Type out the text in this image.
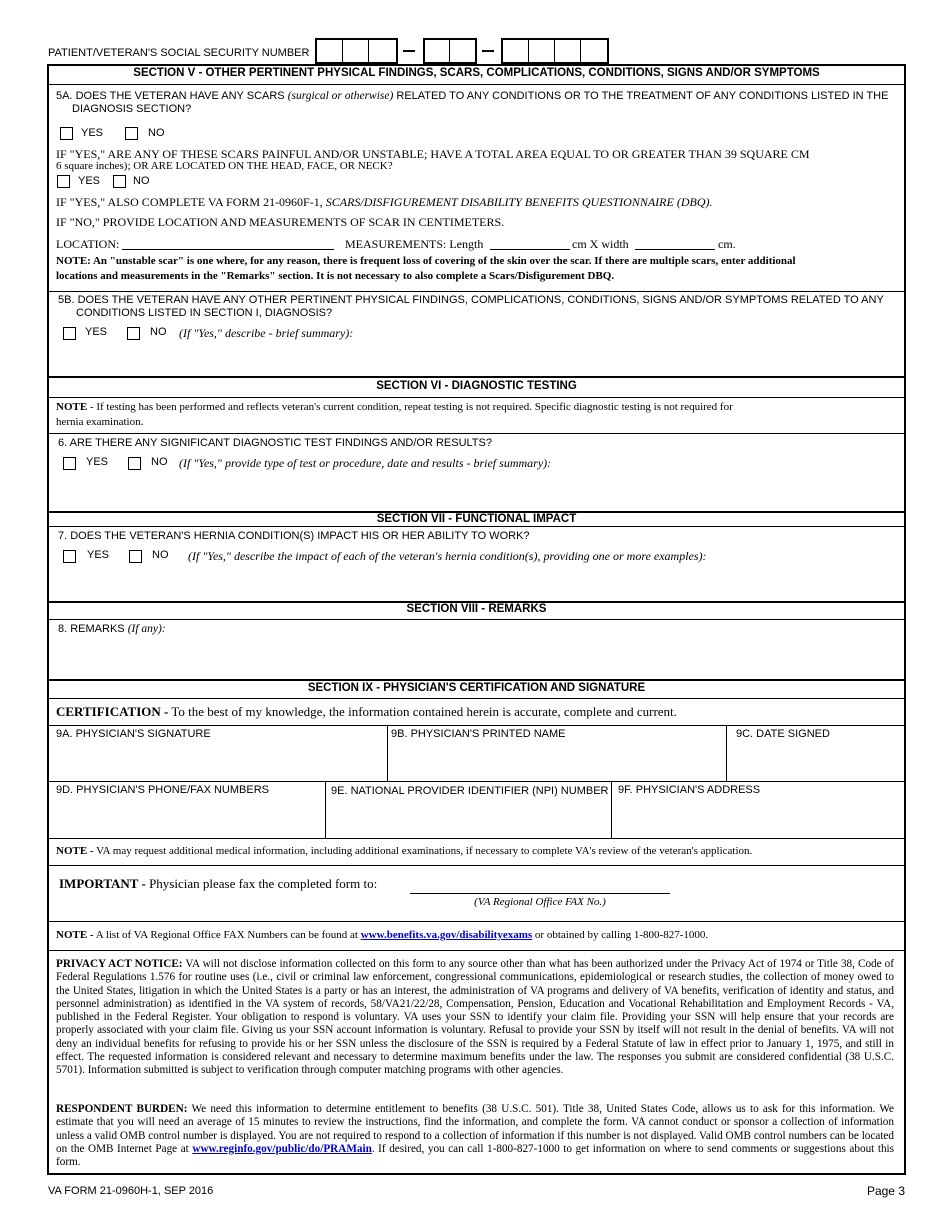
PATIENT/VETERAN'S SOCIAL SECURITY NUMBER
SECTION V - OTHER PERTINENT PHYSICAL FINDINGS, SCARS, COMPLICATIONS, CONDITIONS, SIGNS AND/OR SYMPTOMS
5A. DOES THE VETERAN HAVE ANY SCARS (surgical or otherwise) RELATED TO ANY CONDITIONS OR TO THE TREATMENT OF ANY CONDITIONS LISTED IN THE
DIAGNOSIS SECTION?
YES	NO
IF "YES," ARE ANY OF THESE SCARS PAINFUL AND/OR UNSTABLE; HAVE A TOTAL AREA EQUAL TO OR GREATER THAN 39 SQUARE CM
6 square inches); OR ARE LOCATED ON THE HEAD, FACE, OR NECK?
YES	NO
IF "YES," ALSO COMPLETE VA FORM 21-0960F-1, SCARS/DISFIGUREMENT DISABILITY BENEFITS QUESTIONNAIRE (DBQ).
IF "NO," PROVIDE LOCATION AND MEASUREMENTS OF SCAR IN CENTIMETERS.
LOCATION:	MEASUREMENTS: Length	cm X width	cm.
NOTE: An "unstable scar" is one where, for any reason, there is frequent loss of covering of the skin over the scar. If there are multiple scars, enter additional
locations and measurements in the "Remarks" section. It is not necessary to also complete a Scars/Disfigurement DBQ.
5B. DOES THE VETERAN HAVE ANY OTHER PERTINENT PHYSICAL FINDINGS, COMPLICATIONS, CONDITIONS, SIGNS AND/OR SYMPTOMS RELATED TO ANY
CONDITIONS LISTED IN SECTION I, DIAGNOSIS?
YES	NO (If "Yes," describe - brief summary):
SECTION VI - DIAGNOSTIC TESTING
NOTE - If testing has been performed and reflects veteran's current condition, repeat testing is not required. Specific diagnostic testing is not required for
hernia examination.
6. ARE THERE ANY SIGNIFICANT DIAGNOSTIC TEST FINDINGS AND/OR RESULTS?
YES	NO (If "Yes," provide type of test or procedure, date and results - brief summary):
SECTION VII - FUNCTIONAL IMPACT
7. DOES THE VETERAN'S HERNIA CONDITION(S) IMPACT HIS OR HER ABILITY TO WORK?
YES	NO (If "Yes," describe the impact of each of the veteran's hernia condition(s), providing one or more examples):
SECTION VIII - REMARKS
8. REMARKS (If any):
SECTION IX - PHYSICIAN'S CERTIFICATION AND SIGNATURE
CERTIFICATION - To the best of my knowledge, the information contained herein is accurate, complete and current.
9A. PHYSICIAN'S SIGNATURE	9B. PHYSICIAN'S PRINTED NAME	9C. DATE SIGNED
9D. PHYSICIAN'S PHONE/FAX NUMBERS	9E. NATIONAL PROVIDER IDENTIFIER (NPI) NUMBER 9F. PHYSICIAN'S ADDRESS
NOTE - VA may request additional medical information, including additional examinations, if necessary to complete VA's review of the veteran's application.
IMPORTANT - Physician please fax the completed form to:
(VA Regional Office FAX No.)
NOTE - A list of VA Regional Office FAX Numbers can be found at www.benefits.va.gov/disabilityexams or obtained by calling 1-800-827-1000.
PRIVACY ACT NOTICE: VA will not disclose information collected on this form to any source other than what has been authorized under the Privacy Act of 1974 or Title 38, Code of Federal Regulations 1.576 for routine uses (i.e., civil or criminal law enforcement, congressional communications, epidemiological or research studies, the collection of money owed to the United States, litigation in which the United States is a party or has an interest, the administration of VA programs and delivery of VA benefits, verification of identity and status, and personnel administration) as identified in the VA system of records, 58/VA21/22/28, Compensation, Pension, Education and Vocational Rehabilitation and Employment Records - VA, published in the Federal Register. Your obligation to respond is voluntary. VA uses your SSN to identify your claim file. Providing your SSN will help ensure that your records are properly associated with your claim file. Giving us your SSN account information is voluntary. Refusal to provide your SSN by itself will not result in the denial of benefits. VA will not deny an individual benefits for refusing to provide his or her SSN unless the disclosure of the SSN is required by a Federal Statute of law in effect prior to January 1, 1975, and still in effect. The requested information is considered relevant and necessary to determine maximum benefits under the law. The responses you submit are considered confidential (38 U.S.C. 5701). Information submitted is subject to verification through computer matching programs with other agencies.
RESPONDENT BURDEN: We need this information to determine entitlement to benefits (38 U.S.C. 501). Title 38, United States Code, allows us to ask for this information. We estimate that you will need an average of 15 minutes to review the instructions, find the information, and complete the form. VA cannot conduct or sponsor a collection of information unless a valid OMB control number is displayed. You are not required to respond to a collection of information if this number is not displayed. Valid OMB control numbers can be located on the OMB Internet Page at www.reginfo.gov/public/do/PRAMain. If desired, you can call 1-800-827-1000 to get information on where to send comments or suggestions about this form.
VA FORM 21-0960H-1, SEP 2016	Page 3
